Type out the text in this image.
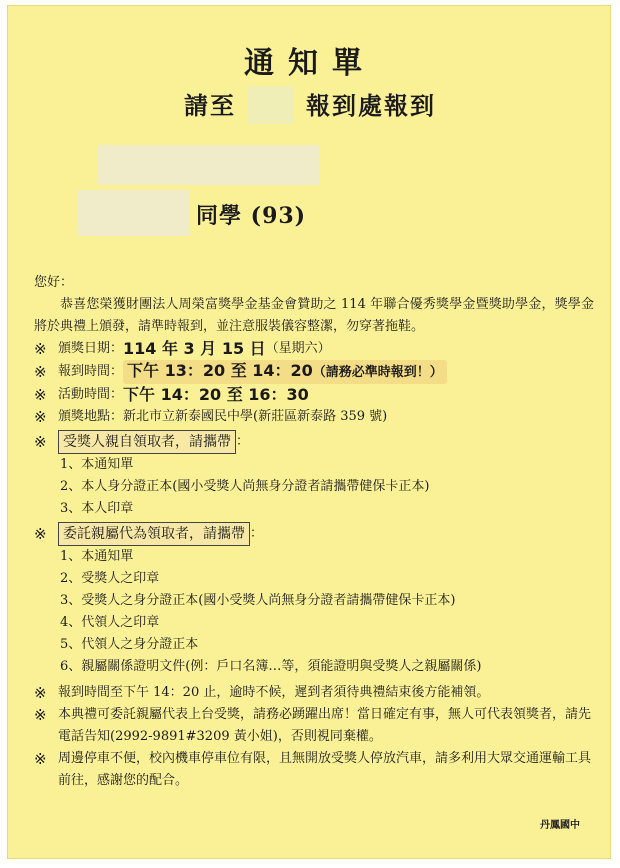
通知單
請至	報到處報到
同學 (93)
您好：

恭喜您榮獲財團法人周榮富獎學金基金會贊助之 114 年聯合優秀獎學金暨獎助學金，獎學金將於典禮上頒發，請準時報到，並注意服裝儀容整潔，勿穿著拖鞋。

※ 頒獎日期： 114 年 3 月 15 日 （星期六）
※ 報到時間： 下午 13：20 至 14：20（請務必準時報到！）
※ 活動時間： 下午 14：20 至 16：30
※ 頒獎地點： 新北市立新泰國民中學(新莊區新泰路 359 號)
※	受獎人親自領取者，請攜帶 ：
1、本通知單
2、本人身分證正本(國小受獎人尚無身分證者請攜帶健保卡正本)
3、本人印章
※	委託親屬代為領取者，請攜帶 ：
1、本通知單
2、受獎人之印章
3、受獎人之身分證正本(國小受獎人尚無身分證者請攜帶健保卡正本)
4、代領人之印章
5、代領人之身分證正本
6、親屬關係證明文件(例：戶口名簿…等，須能證明與受獎人之親屬關係)
※ 報到時間至下午 14：20 止，逾時不候，遲到者須待典禮結束後方能補領。
※ 本典禮可委託親屬代表上台受獎，請務必踴躍出席！當日確定有事，無人可代表領獎者，請先電話告知(2992-9891#3209 黃小姐)，否則視同棄權。
※ 周邊停車不便，校內機車停車位有限，且無開放受獎人停放汽車，請多利用大眾交通運輸工具前往，感謝您的配合。
丹鳳國中
